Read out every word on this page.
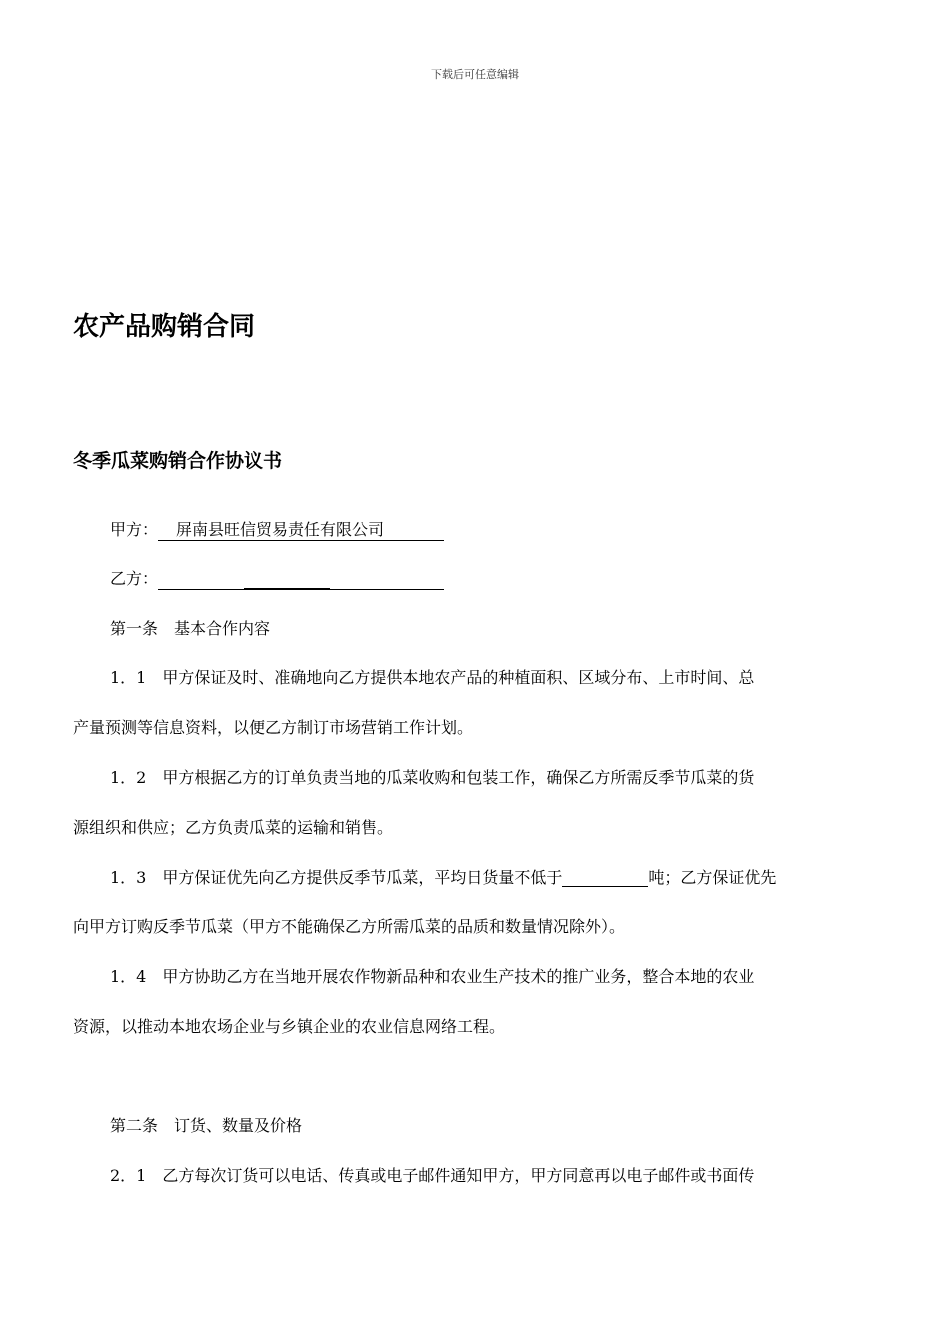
下载后可任意编辑
农产品购销合同
冬季瓜菜购销合作协议书
甲方： 屏南县旺信贸易责任有限公司
乙方：
第一条　基本合作内容
1．1　甲方保证及时、准确地向乙方提供本地农产品的种植面积、区域分布、上市时间、总
产量预测等信息资料，以便乙方制订市场营销工作计划。
1．2　甲方根据乙方的订单负责当地的瓜菜收购和包装工作，确保乙方所需反季节瓜菜的货
源组织和供应；乙方负责瓜菜的运输和销售。
1．3　甲方保证优先向乙方提供反季节瓜菜，平均日货量不低于	吨；乙方保证优先
向甲方订购反季节瓜菜（甲方不能确保乙方所需瓜菜的品质和数量情况除外）。
1．4　甲方协助乙方在当地开展农作物新品种和农业生产技术的推广业务，整合本地的农业
资源，以推动本地农场企业与乡镇企业的农业信息网络工程。
第二条　订货、数量及价格
2．1　乙方每次订货可以电话、传真或电子邮件通知甲方，甲方同意再以电子邮件或书面传
